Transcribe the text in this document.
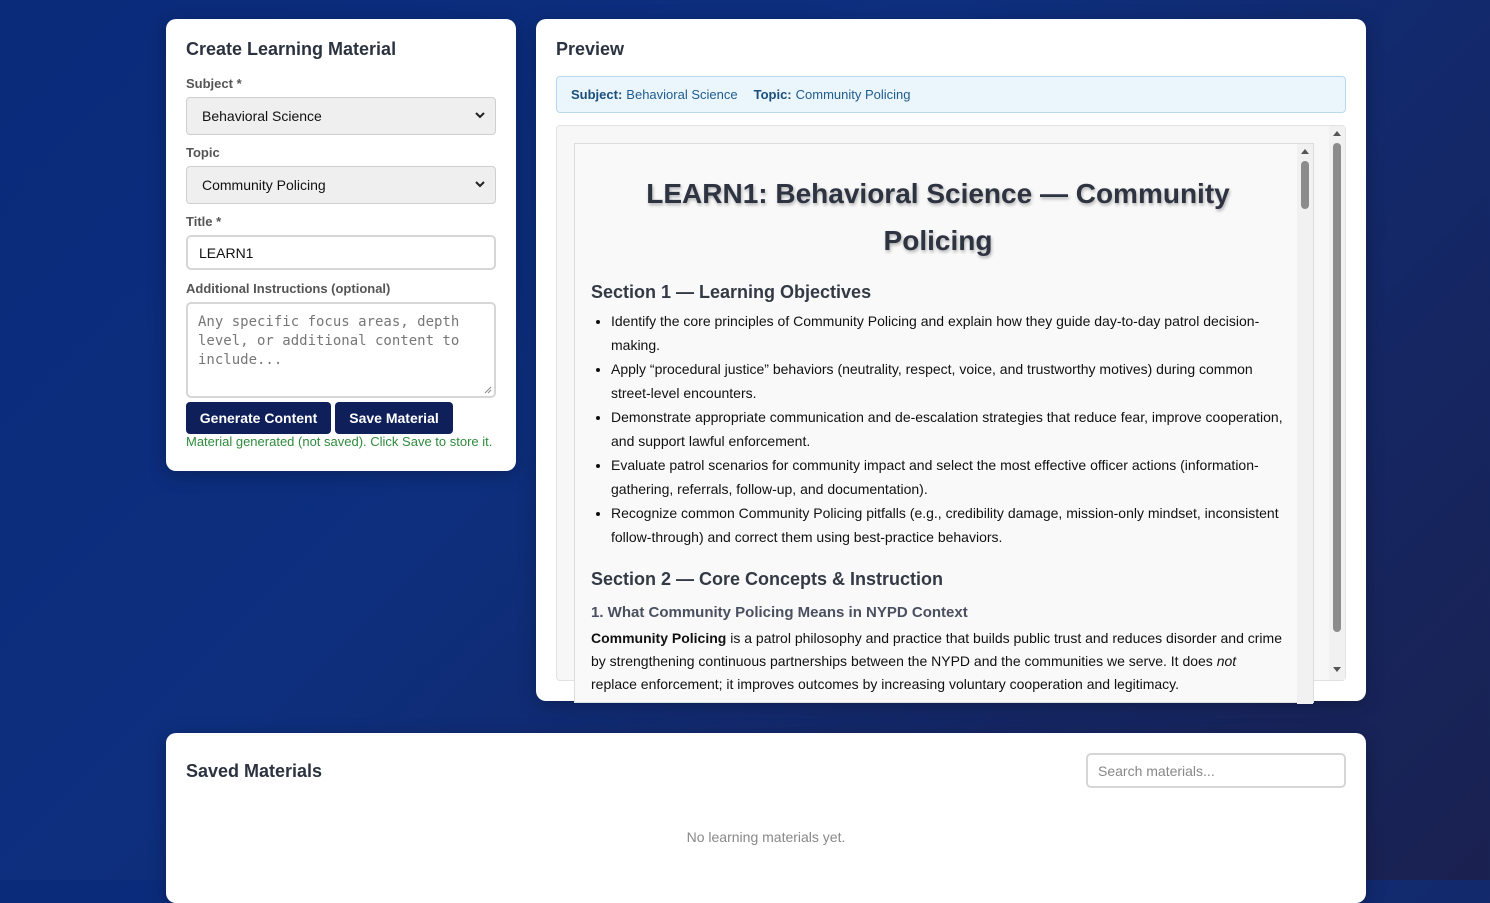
Create Learning Material
Subject *
Behavioral Science
Topic
Community Policing
Title *
LEARN1
Additional Instructions (optional)
Any specific focus areas, depth level, or additional content to include...
Generate Content	Save Material
Material generated (not saved). Click Save to store it.
Preview
Subject: Behavioral Science Topic: Community Policing
LEARN1: Behavioral Science — Community Policing
Section 1 — Learning Objectives
• Identify the core principles of Community Policing and explain how they guide day-to-day patrol decision-making.
• Apply “procedural justice” behaviors (neutrality, respect, voice, and trustworthy motives) during common street-level encounters.
• Demonstrate appropriate communication and de-escalation strategies that reduce fear, improve cooperation, and support lawful enforcement.
• Evaluate patrol scenarios for community impact and select the most effective officer actions (information-gathering, referrals, follow-up, and documentation).
• Recognize common Community Policing pitfalls (e.g., credibility damage, mission-only mindset, inconsistent follow-through) and correct them using best-practice behaviors.
Section 2 — Core Concepts & Instruction
1. What Community Policing Means in NYPD Context

Community Policing is a patrol philosophy and practice that builds public trust and reduces disorder and crime by strengthening continuous partnerships between the NYPD and the communities we serve. It does not replace enforcement; it improves outcomes by increasing voluntary cooperation and legitimacy.

Saved Materials	Search materials...
No learning materials yet.
